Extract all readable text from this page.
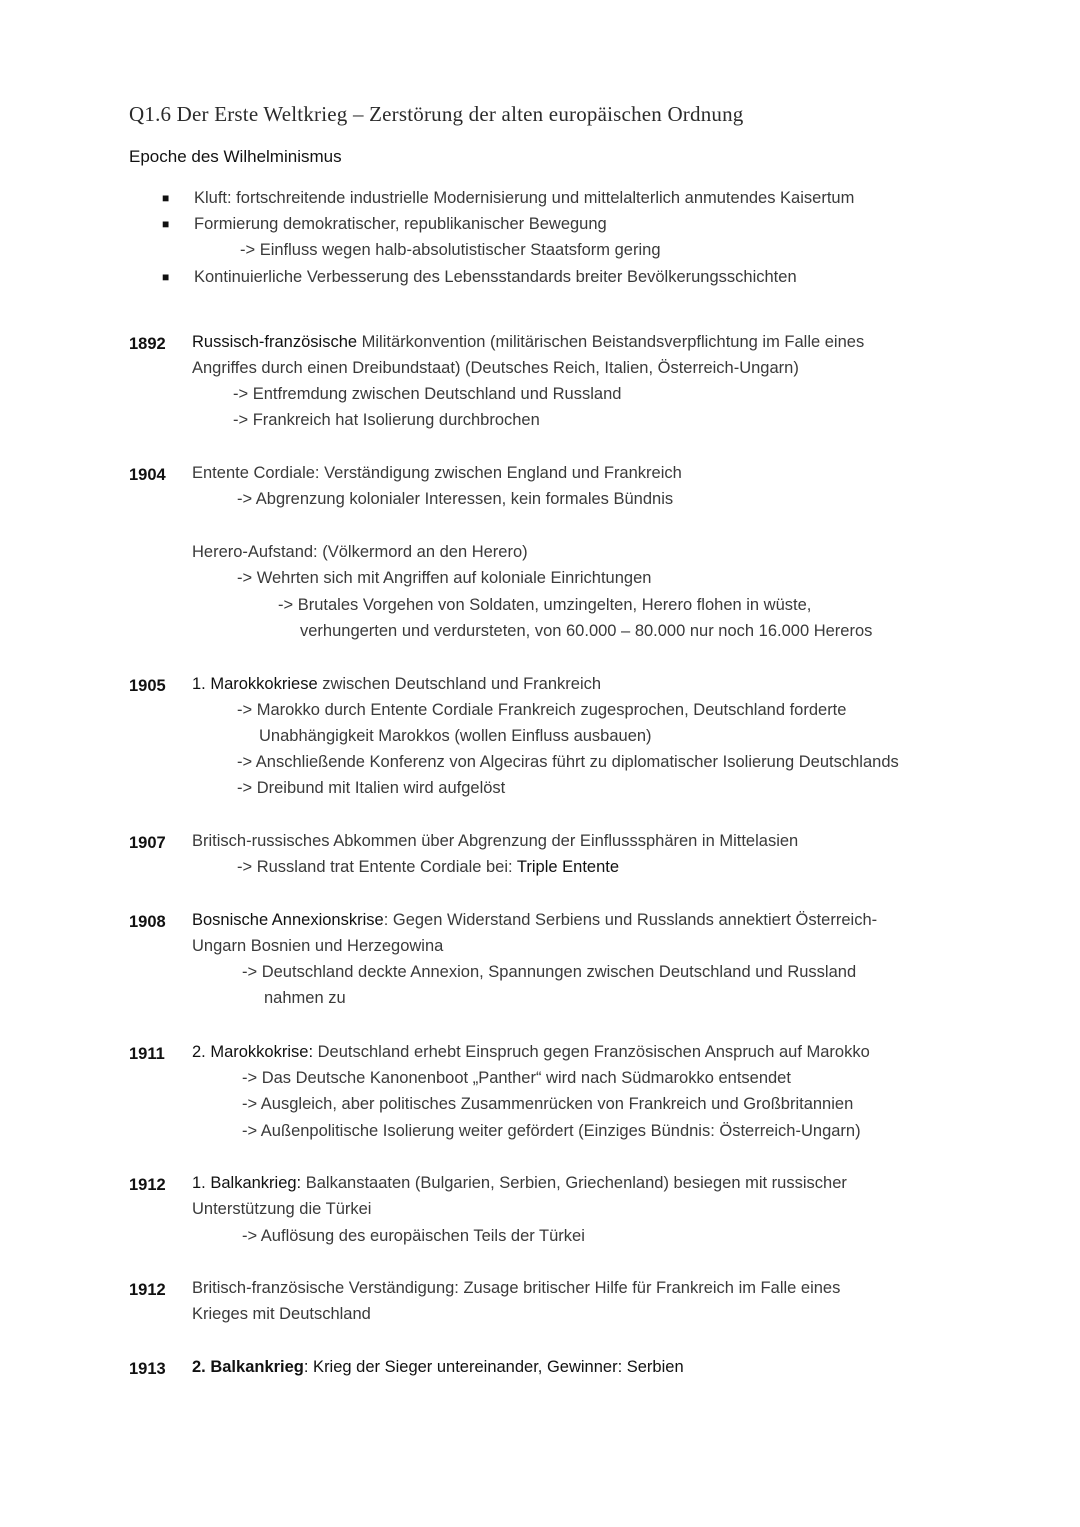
Q1.6 Der Erste Weltkrieg – Zerstörung der alten europäischen Ordnung
Epoche des Wilhelminismus
■ Kluft: fortschreitende industrielle Modernisierung und mittelalterlich anmutendes Kaisertum
■ Formierung demokratischer, republikanischer Bewegung
-> Einfluss wegen halb-absolutistischer Staatsform gering
■ Kontinuierliche Verbesserung des Lebensstandards breiter Bevölkerungsschichten
1892 Russisch-französische Militärkonvention (militärischen Beistandsverpflichtung im Falle eines
Angriffes durch einen Dreibundstaat) (Deutsches Reich, Italien, Österreich-Ungarn)
-> Entfremdung zwischen Deutschland und Russland
-> Frankreich hat Isolierung durchbrochen
1904 Entente Cordiale: Verständigung zwischen England und Frankreich
-> Abgrenzung kolonialer Interessen, kein formales Bündnis
Herero-Aufstand: (Völkermord an den Herero)
-> Wehrten sich mit Angriffen auf koloniale Einrichtungen
-> Brutales Vorgehen von Soldaten, umzingelten, Herero flohen in wüste,
verhungerten und verdursteten, von 60.000 – 80.000 nur noch 16.000 Hereros
1905 1. Marokkokriese zwischen Deutschland und Frankreich
-> Marokko durch Entente Cordiale Frankreich zugesprochen, Deutschland forderte
Unabhängigkeit Marokkos (wollen Einfluss ausbauen)
-> Anschließende Konferenz von Algeciras führt zu diplomatischer Isolierung Deutschlands
-> Dreibund mit Italien wird aufgelöst
1907 Britisch-russisches Abkommen über Abgrenzung der Einflusssphären in Mittelasien
-> Russland trat Entente Cordiale bei: Triple Entente
1908 Bosnische Annexionskrise: Gegen Widerstand Serbiens und Russlands annektiert Österreich-
Ungarn Bosnien und Herzegowina
-> Deutschland deckte Annexion, Spannungen zwischen Deutschland und Russland
nahmen zu
1911 2. Marokkokrise: Deutschland erhebt Einspruch gegen Französischen Anspruch auf Marokko
-> Das Deutsche Kanonenboot „Panther“ wird nach Südmarokko entsendet
-> Ausgleich, aber politisches Zusammenrücken von Frankreich und Großbritannien
-> Außenpolitische Isolierung weiter gefördert (Einziges Bündnis: Österreich-Ungarn)
1912 1. Balkankrieg: Balkanstaaten (Bulgarien, Serbien, Griechenland) besiegen mit russischer
Unterstützung die Türkei
-> Auflösung des europäischen Teils der Türkei
1912 Britisch-französische Verständigung: Zusage britischer Hilfe für Frankreich im Falle eines
Krieges mit Deutschland
1913 2. Balkankrieg: Krieg der Sieger untereinander, Gewinner: Serbien
